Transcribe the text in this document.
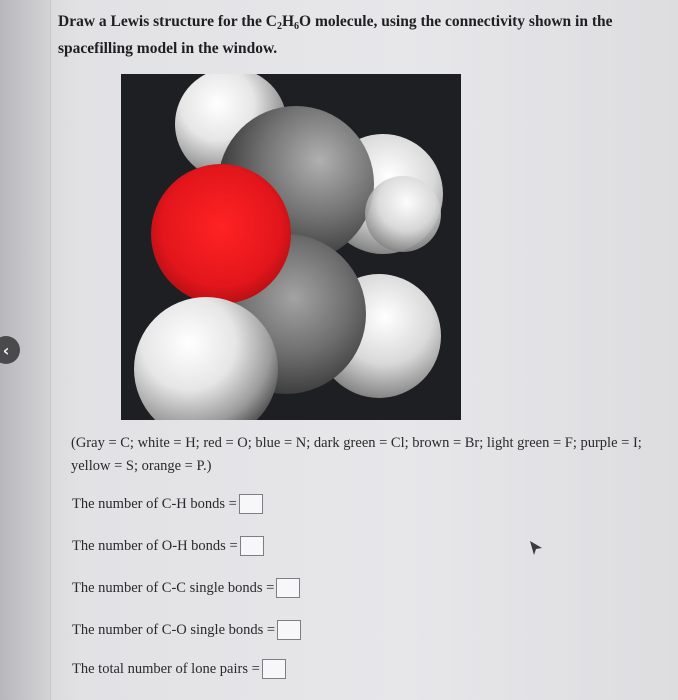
‹

Draw a Lewis structure for the $C_2H_6O$ molecule, using the connectivity shown in the spacefilling model in the window.

(Gray = C; white = H; red = O; blue = N; dark green = Cl; brown = Br; light green = F; purple = I; yellow = S; orange = P.)
The number of C-H bonds =
The number of O-H bonds =
The number of C-C single bonds =
The number of C-O single bonds =
The total number of lone pairs =
